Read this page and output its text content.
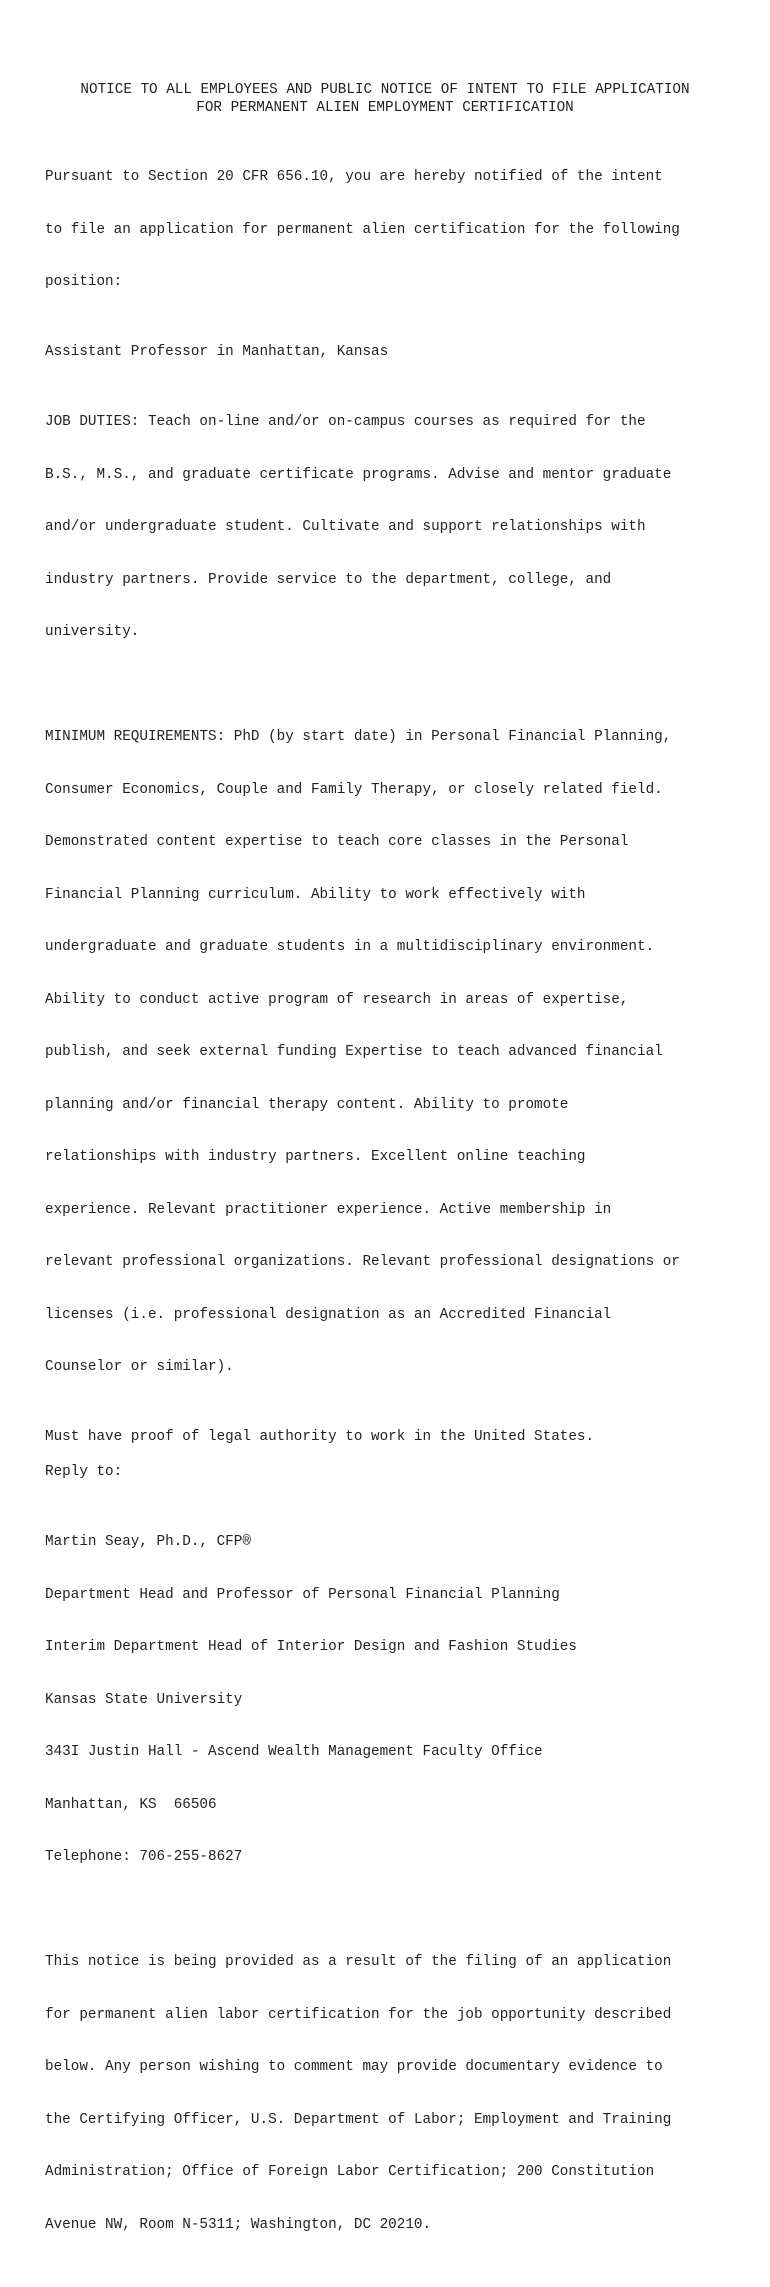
NOTICE TO ALL EMPLOYEES AND PUBLIC NOTICE OF INTENT TO FILE APPLICATION
FOR PERMANENT ALIEN EMPLOYMENT CERTIFICATION

Pursuant to Section 20 CFR 656.10, you are hereby notified of the intent

to file an application for permanent alien certification for the following

position:

Assistant Professor in Manhattan, Kansas

JOB DUTIES: Teach on-line and/or on-campus courses as required for the

B.S., M.S., and graduate certificate programs. Advise and mentor graduate

and/or undergraduate student. Cultivate and support relationships with

industry partners. Provide service to the department, college, and

university.

MINIMUM REQUIREMENTS: PhD (by start date) in Personal Financial Planning,

Consumer Economics, Couple and Family Therapy, or closely related field.

Demonstrated content expertise to teach core classes in the Personal

Financial Planning curriculum. Ability to work effectively with

undergraduate and graduate students in a multidisciplinary environment.

Ability to conduct active program of research in areas of expertise,

publish, and seek external funding Expertise to teach advanced financial

planning and/or financial therapy content. Ability to promote

relationships with industry partners. Excellent online teaching

experience. Relevant practitioner experience. Active membership in

relevant professional organizations. Relevant professional designations or

licenses (i.e. professional designation as an Accredited Financial

Counselor or similar).

Must have proof of legal authority to work in the United States.
Reply to:

Martin Seay, Ph.D., CFP®

Department Head and Professor of Personal Financial Planning

Interim Department Head of Interior Design and Fashion Studies

Kansas State University

343I Justin Hall - Ascend Wealth Management Faculty Office

Manhattan, KS  66506

Telephone: 706-255-8627

This notice is being provided as a result of the filing of an application

for permanent alien labor certification for the job opportunity described

below. Any person wishing to comment may provide documentary evidence to

the Certifying Officer, U.S. Department of Labor; Employment and Training

Administration; Office of Foreign Labor Certification; 200 Constitution

Avenue NW, Room N-5311; Washington, DC 20210.
